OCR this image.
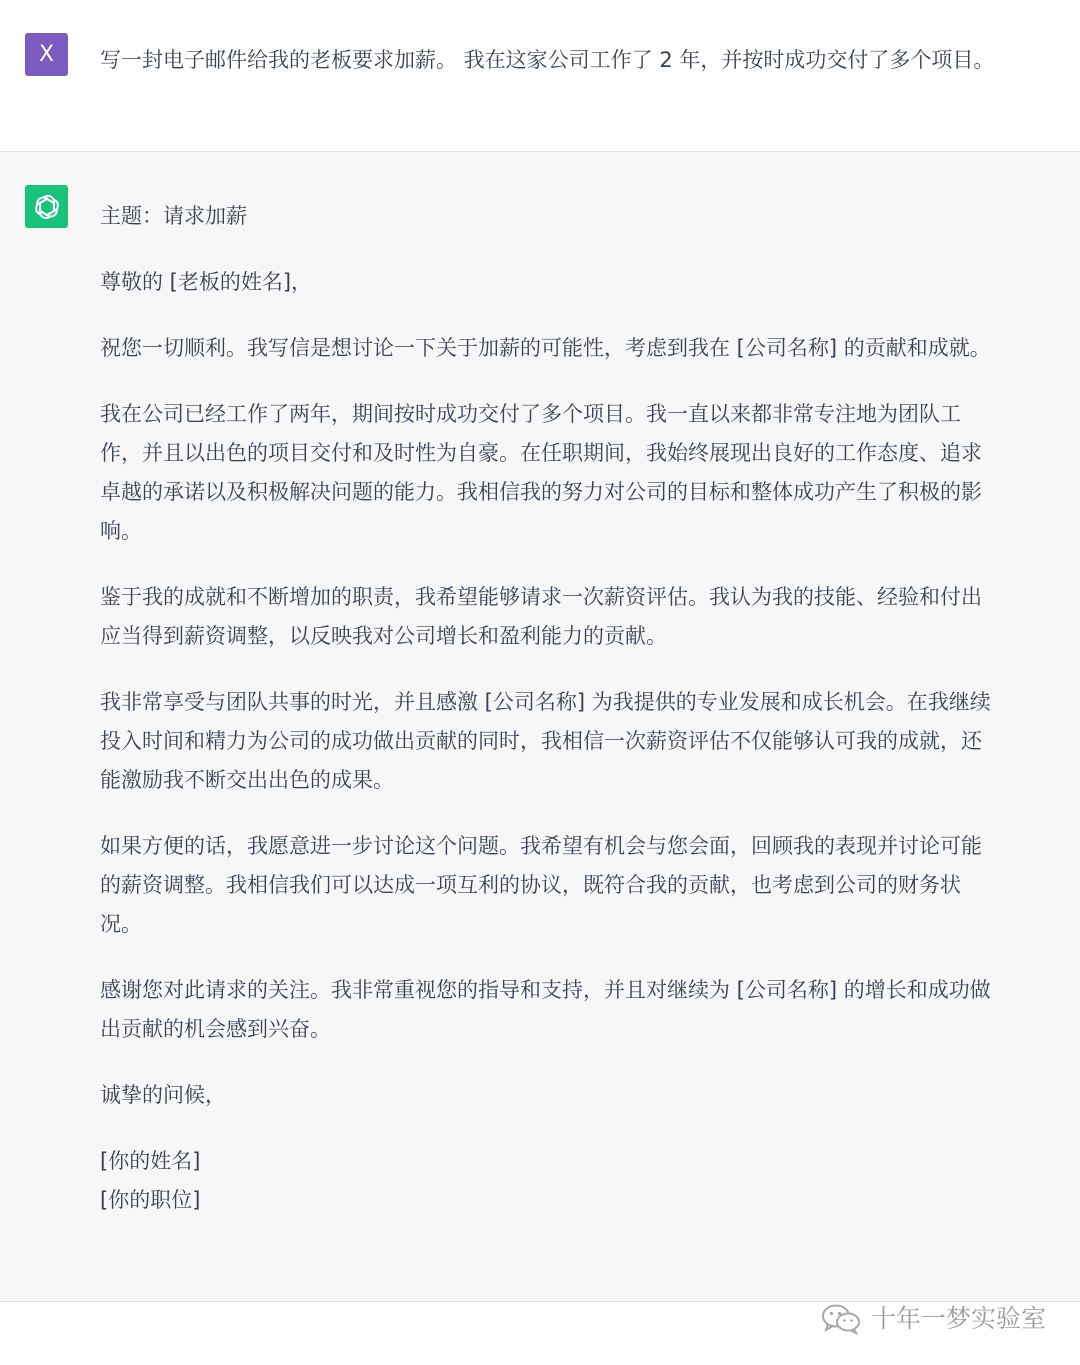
X	写一封电子邮件给我的老板要求加薪。 我在这家公司工作了 2 年，并按时成功交付了多个项目。
主题：请求加薪
尊敬的 [老板的姓名]，
祝您一切顺利。我写信是想讨论一下关于加薪的可能性，考虑到我在 [公司名称] 的贡献和成就。
我在公司已经工作了两年，期间按时成功交付了多个项目。我一直以来都非常专注地为团队工作，并且以出色的项目交付和及时性为自豪。在任职期间，我始终展现出良好的工作态度、追求卓越的承诺以及积极解决问题的能力。我相信我的努力对公司的目标和整体成功产生了积极的影响。
鉴于我的成就和不断增加的职责，我希望能够请求一次薪资评估。我认为我的技能、经验和付出应当得到薪资调整，以反映我对公司增长和盈利能力的贡献。
我非常享受与团队共事的时光，并且感激 [公司名称] 为我提供的专业发展和成长机会。在我继续投入时间和精力为公司的成功做出贡献的同时，我相信一次薪资评估不仅能够认可我的成就，还能激励我不断交出出色的成果。
如果方便的话，我愿意进一步讨论这个问题。我希望有机会与您会面，回顾我的表现并讨论可能的薪资调整。我相信我们可以达成一项互利的协议，既符合我的贡献，也考虑到公司的财务状况。
感谢您对此请求的关注。我非常重视您的指导和支持，并且对继续为 [公司名称] 的增长和成功做出贡献的机会感到兴奋。
诚挚的问候，
[你的姓名]
[你的职位]
十年一梦实验室
